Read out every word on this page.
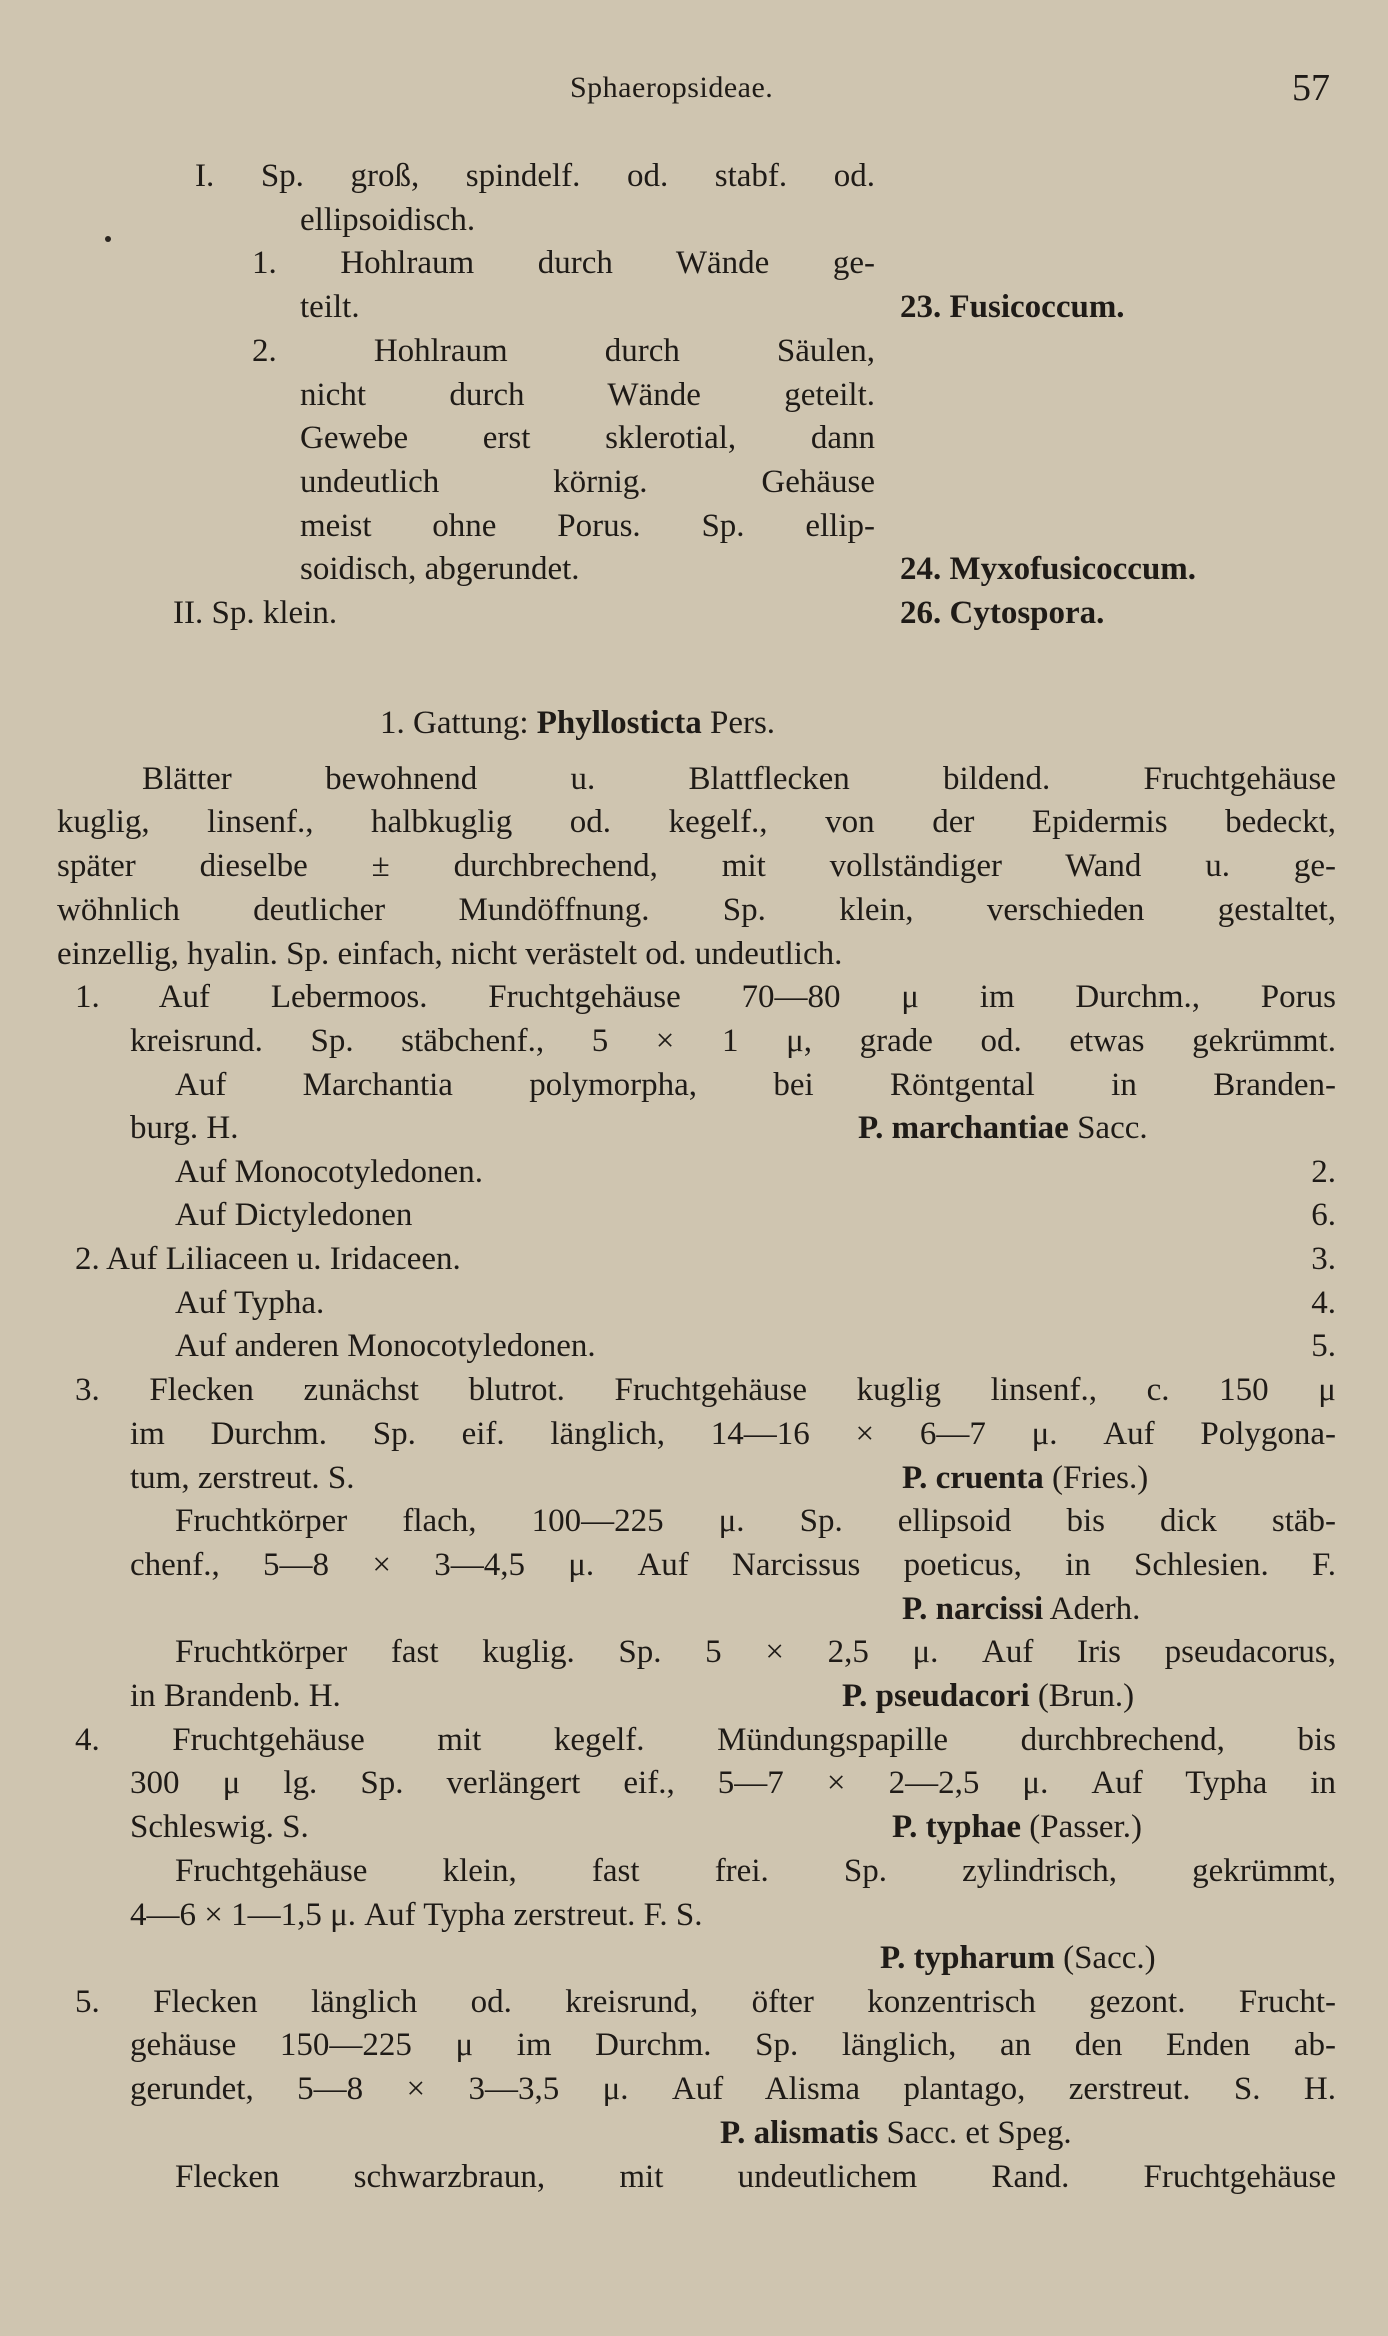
Sphaeropsideae.	57
I. Sp. groß, spindelf. od. stabf. od.
ellipsoidisch.
1. Hohlraum durch Wände ge-
teilt.	23. Fusicoccum.
2. Hohlraum durch Säulen,
nicht durch Wände geteilt.
Gewebe erst sklerotial, dann
undeutlich körnig. Gehäuse
meist ohne Porus. Sp. ellip-
soidisch, abgerundet.	24. Myxofusicoccum.
II. Sp. klein.	26. Cytospora.
1. Gattung: Phyllosticta Pers.
Blätter bewohnend u. Blattflecken bildend. Fruchtgehäuse
kuglig, linsenf., halbkuglig od. kegelf., von der Epidermis bedeckt,
später dieselbe ± durchbrechend, mit vollständiger Wand u. ge-
wöhnlich deutlicher Mundöffnung. Sp. klein, verschieden gestaltet,
einzellig, hyalin. Sp. einfach, nicht verästelt od. undeutlich.
1. Auf Lebermoos. Fruchtgehäuse 70—80 μ im Durchm., Porus
kreisrund. Sp. stäbchenf., 5 × 1 μ, grade od. etwas gekrümmt.
Auf Marchantia polymorpha, bei Röntgental in Branden-
burg. H.	P. marchantiae Sacc.
Auf Monocotyledonen.	2.
Auf Dictyledonen	6.
2. Auf Liliaceen u. Iridaceen.	3.
Auf Typha.	4.
Auf anderen Monocotyledonen.	5.
3. Flecken zunächst blutrot. Fruchtgehäuse kuglig linsenf., c. 150 μ
im Durchm. Sp. eif. länglich, 14—16 × 6—7 μ. Auf Polygona-
tum, zerstreut. S.	P. cruenta (Fries.)
Fruchtkörper flach, 100—225 μ. Sp. ellipsoid bis dick stäb-
chenf., 5—8 × 3—4,5 μ. Auf Narcissus poeticus, in Schlesien. F.
P. narcissi Aderh.
Fruchtkörper fast kuglig. Sp. 5 × 2,5 μ. Auf Iris pseudacorus,
in Brandenb. H.	P. pseudacori (Brun.)
4. Fruchtgehäuse mit kegelf. Mündungspapille durchbrechend, bis
300 μ lg. Sp. verlängert eif., 5—7 × 2—2,5 μ. Auf Typha in
Schleswig. S.	P. typhae (Passer.)
Fruchtgehäuse klein, fast frei. Sp. zylindrisch, gekrümmt,
4—6 × 1—1,5 μ. Auf Typha zerstreut. F. S.
P. typharum (Sacc.)
5. Flecken länglich od. kreisrund, öfter konzentrisch gezont. Frucht-
gehäuse 150—225 μ im Durchm. Sp. länglich, an den Enden ab-
gerundet, 5—8 × 3—3,5 μ. Auf Alisma plantago, zerstreut. S. H.
P. alismatis Sacc. et Speg.
Flecken schwarzbraun, mit undeutlichem Rand. Fruchtgehäuse
